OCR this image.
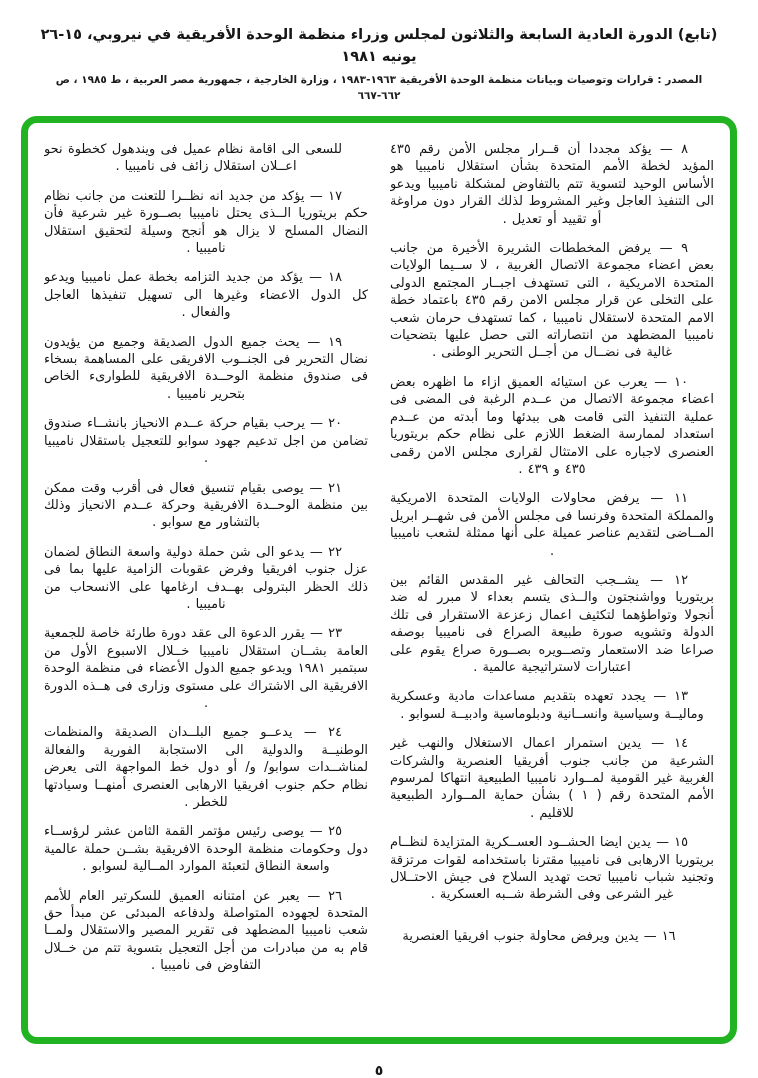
(تابع) الدورة العادية السابعة والثلاثون لمجلس وزراء منظمة الوحدة الأفريقية في نيروبي، ١٥-٢٦ يونيه ١٩٨١
المصدر : قرارات وتوصيات وبيانات منظمة الوحدة الأفريقية ١٩٦٣-١٩٨٣ ، وزارة الخارجية ، جمهورية مصر العربية ، ط ١٩٨٥ ، ص ٦٦٢-٦٦٧

٨ — يؤكد مجددا أن قــرار مجلس الأمن رقم ٤٣٥ المؤيد لخطة الأمم المتحدة بشأن استقلال ناميبيا هو الأساس الوحيد لتسوية تتم بالتفاوض لمشكلة ناميبيا ويدعو الى التنفيذ العاجل وغير المشروط لذلك القرار دون مراوغة أو تقييد أو تعديل .

٩ — يرفض المخططات الشريرة الأخيرة من جانب بعض اعضاء مجموعة الاتصال الغربية ، لا ســيما الولايات المتحدة الامريكية ، التى تستهدف اجبــار المجتمع الدولى على التخلى عن قرار مجلس الامن رقم ٤٣٥ باعتماد خطة الامم المتحدة لاستقلال ناميبيا ، كما تستهدف حرمان شعب ناميبيا المضطهد من انتصاراته التى حصل عليها بتضحيات غالية فى نضــال من أجــل التحرير الوطنى .

١٠ — يعرب عن استيائه العميق ازاء ما اظهره بعض اعضاء مجموعة الاتصال من عــدم الرغبة فى المضى فى عملية التنفيذ التى قامت هى ببدئها وما أبدته من عــدم استعداد لممارسة الضغط اللازم على نظام حكم بريتوريا العنصرى لاجباره على الامتثال لقرارى مجلس الامن رقمى ٤٣٥ و ٤٣٩ .

١١ — يرفض محاولات الولايات المتحدة الامريكية والمملكة المتحدة وفرنسا فى مجلس الأمن فى شهــر ابريل المــاضى لتقديم عناصر عميلة على أنها ممثلة لشعب ناميبيا .

١٢ — يشــجب التحالف غير المقدس القائم بين بريتوريا وواشنجتون والــذى يتسم بعداء لا مبرر له ضد أنجولا وتواطؤهما لتكثيف اعمال زعزعة الاستقرار فى تلك الدولة وتشويه صورة طبيعة الصراع فى ناميبيا بوصفه صراعا ضد الاستعمار وتصــويره بصــورة صراع يقوم على اعتبارات لاستراتيجية عالمية .

١٣ — يجدد تعهده بتقديم مساعدات مادية وعسكرية وماليــة وسياسية وانســانية ودبلوماسية وادبيــة لسوابو .

١٤ — يدين استمرار اعمال الاستغلال والنهب غير الشرعية من جانب جنوب أفريقيا العنصرية والشركات الغربية غير القومية لمــوارد ناميبيا الطبيعية انتهاكا لمرسوم الأمم المتحدة رقم ( ١ ) بشأن حماية المــوارد الطبيعية للاقليم .

١٥ — يدين ايضا الحشــود العســكرية المتزايدة لنظــام بريتوريا الارهابى فى ناميبيا مقترنا باستخدامه لقوات مرتزقة وتجنيد شباب ناميبيا تحت تهديد السلاح فى جيش الاحتــلال غير الشرعى وفى الشرطة شــبه العسكرية .

١٦ — يدين ويرفض محاولة جنوب افريقيا العنصرية

للسعى الى اقامة نظام عميل فى ويندهول كخطوة نحو اعــلان استقلال زائف فى ناميبيا .

١٧ — يؤكد من جديد انه نظــرا للتعنت من جانب نظام حكم بريتوريا الــذى يحتل ناميبيا بصــورة غير شرعية فأن النضال المسلح لا يزال هو أنجح وسيلة لتحقيق استقلال ناميبيا .

١٨ — يؤكد من جديد التزامه بخطة عمل ناميبيا ويدعو كل الدول الاعضاء وغيرها الى تسهيل تنفيذها العاجل والفعال .

١٩ — يحث جميع الدول الصديقة وجميع من يؤيدون نضال التحرير فى الجنــوب الافريقى على المساهمة بسخاء فى صندوق منظمة الوحــدة الافريقية للطوارىء الخاص بتحرير ناميبيا .

٢٠ — يرحب بقيام حركة عــدم الانحياز بانشــاء صندوق تضامن من اجل تدعيم جهود سوابو للتعجيل باستقلال ناميبيا .

٢١ — يوصى بقيام تنسيق فعال فى أقرب وقت ممكن بين منظمة الوحــدة الافريقية وحركة عــدم الانحياز وذلك بالتشاور مع سوابو .

٢٢ — يدعو الى شن حملة دولية واسعة النطاق لضمان عزل جنوب افريقيا وفرض عقوبات الزامية عليها بما فى ذلك الحظر البترولى بهــدف ارغامها على الانسحاب من ناميبيا .

٢٣ — يقرر الدعوة الى عقد دورة طارئة خاصة للجمعية العامة بشــان استقلال ناميبيا خــلال الاسبوع الأول من سبتمبر ١٩٨١ ويدعو جميع الدول الأعضاء فى منظمة الوحدة الافريقية الى الاشتراك على مستوى وزارى فى هــذه الدورة .

٢٤ — يدعــو جميع البلــدان الصديقة والمنظمات الوطنيــة والدولية الى الاستجابة الفورية والفعالة لمناشــدات سوابو/ و/ أو دول خط المواجهة التى يعرض نظام حكم جنوب افريقيا الارهابى العنصرى أمنهــا وسيادتها للخطر .

٢٥ — يوصى رئيس مؤتمر القمة الثامن عشر لرؤســاء دول وحكومات منظمة الوحدة الافريقية بشــن حملة عالمية واسعة النطاق لتعبئة الموارد المــالية لسوابو .

٢٦ — يعبر عن امتنانه العميق للسكرتير العام للأمم المتحدة لجهوده المتواصلة ولدفاعه المبدئى عن مبدأ حق شعب ناميبيا المضطهد فى تقرير المصير والاستقلال ولمــا قام به من مبادرات من أجل التعجيل بتسوية تتم من خــلال التفاوض فى ناميبيا .

٥
